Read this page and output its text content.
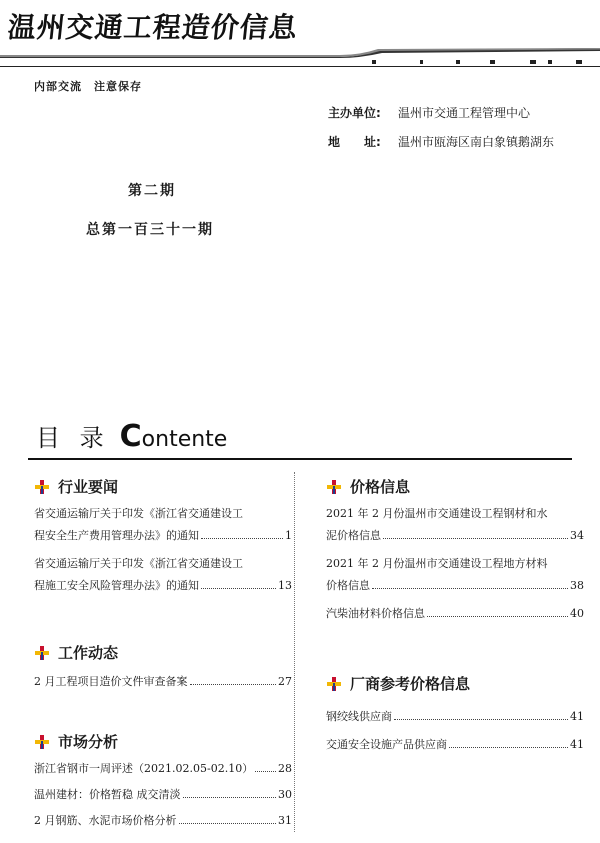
温州交通工程造价信息
内部交流　注意保存
主办单位: 温州市交通工程管理中心
地　　址: 温州市瓯海区南白象镇鹅湖东
第二期
总第一百三十一期
目 录 Contente
行业要闻
省交通运输厅关于印发《浙江省交通建设工
程安全生产费用管理办法》的通知	1
省交通运输厅关于印发《浙江省交通建设工
程施工安全风险管理办法》的通知	13
工作动态
2 月工程项目造价文件审查备案	27
市场分析
浙江省钢市一周评述（2021.02.05-02.10） 28
温州建材：价格暂稳 成交清淡	30
2 月钢筋、水泥市场价格分析	31
价格信息
2021 年 2 月份温州市交通建设工程钢材和水
泥价格信息	34
2021 年 2 月份温州市交通建设工程地方材料
价格信息	38
汽柴油材料价格信息	40
厂商参考价格信息
钢绞线供应商	41
交通安全设施产品供应商	41
